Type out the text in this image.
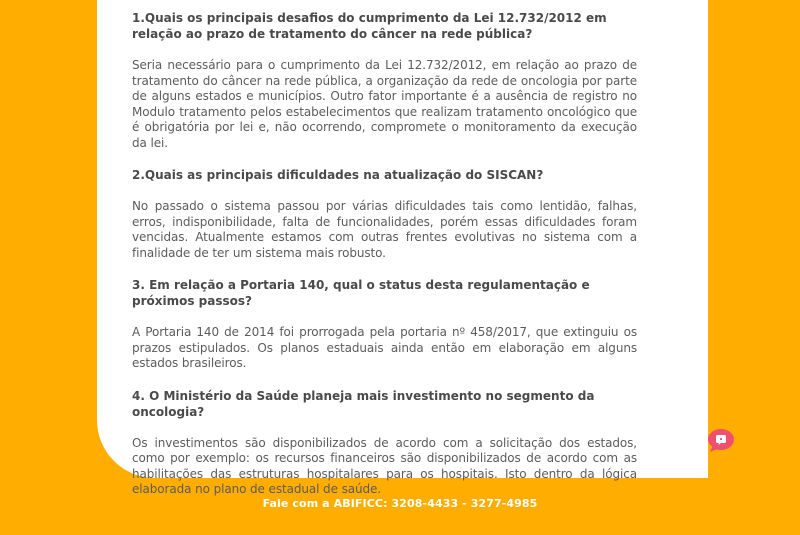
1.Quais os principais desafios do cumprimento da Lei 12.732/2012 em relação ao prazo de tratamento do câncer na rede pública?

Seria necessário para o cumprimento da Lei 12.732/2012, em relação ao prazo de tratamento do câncer na rede pública, a organização da rede de oncologia por parte de alguns estados e municípios. Outro fator importante é a ausência de registro no Modulo tratamento pelos estabelecimentos que realizam tratamento oncológico que é obrigatória por lei e, não ocorrendo, compromete o monitoramento da execução da lei.

2.Quais as principais dificuldades na atualização do SISCAN?

No passado o sistema passou por várias dificuldades tais como lentidão, falhas, erros, indisponibilidade, falta de funcionalidades, porém essas dificuldades foram vencidas. Atualmente estamos com outras frentes evolutivas no sistema com a finalidade de ter um sistema mais robusto.

3. Em relação a Portaria 140, qual o status desta regulamentação e próximos passos?

A Portaria 140 de 2014 foi prorrogada pela portaria nº 458/2017, que extinguiu os prazos estipulados. Os planos estaduais ainda então em elaboração em alguns estados brasileiros.

4. O Ministério da Saúde planeja mais investimento no segmento da oncologia?

Os investimentos são disponibilizados de acordo com a solicitação dos estados, como por exemplo: os recursos financeiros são disponibilizados de acordo com as habilitações das estruturas hospitalares para os hospitais. Isto dentro da lógica elaborada no plano de estadual de saúde.

Fale com a ABIFICC: 3208-4433 - 3277-4985
